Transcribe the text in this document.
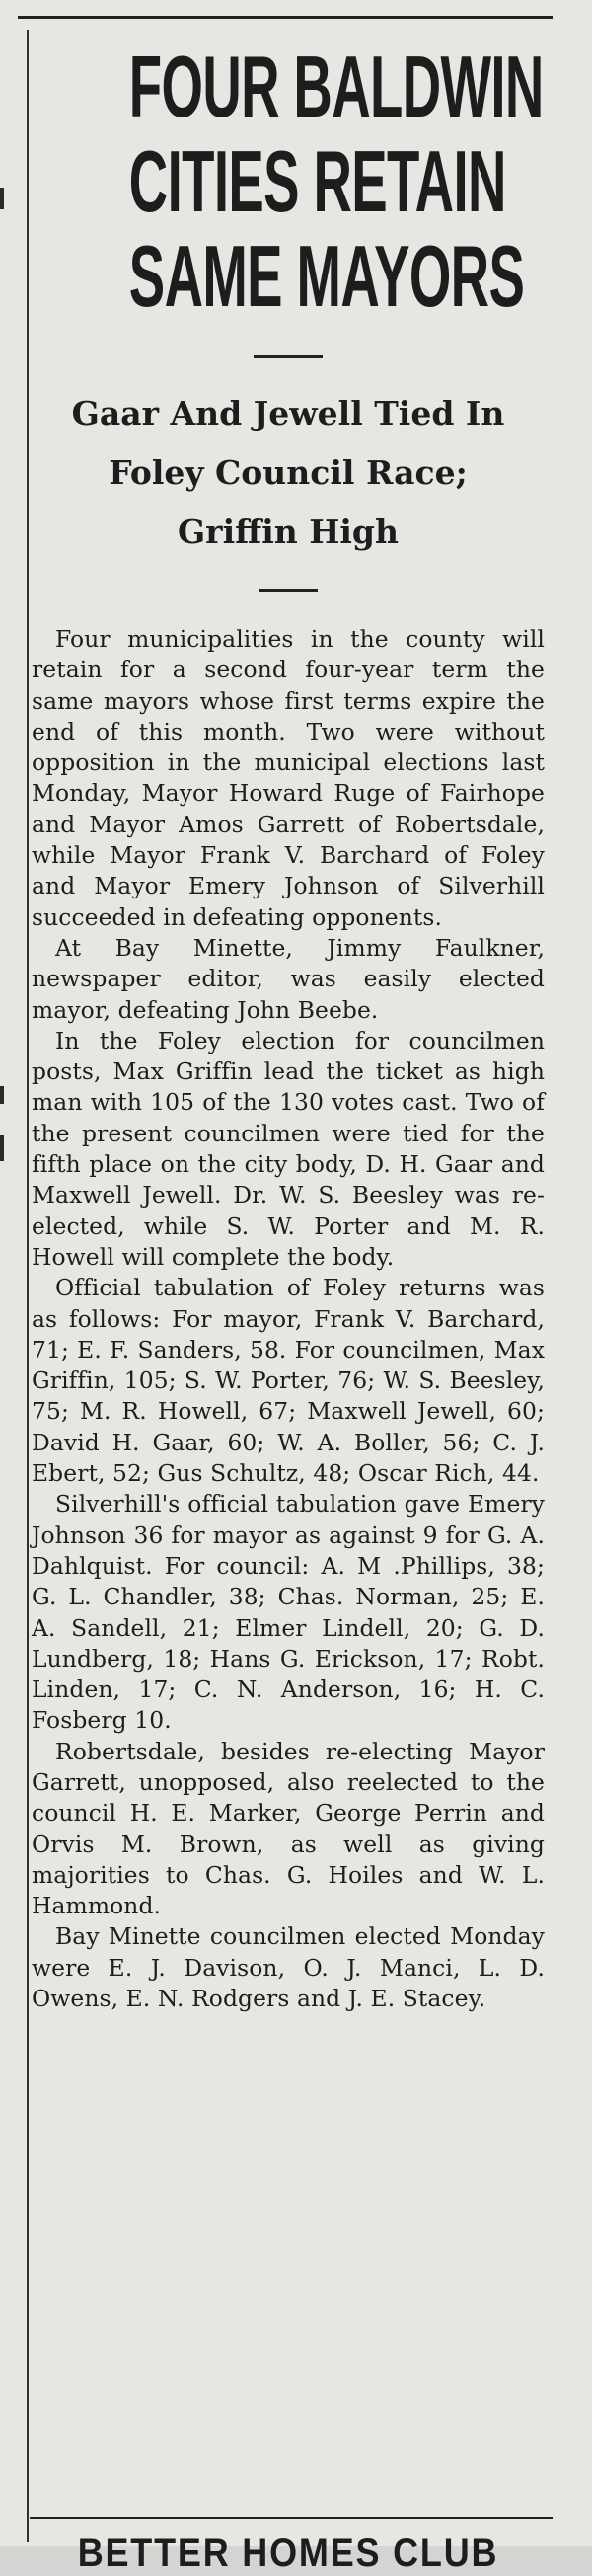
FOUR BALDWIN
CITIES RETAIN
SAME MAYORS
Gaar And Jewell Tied In
Foley Council Race;
Griffin High

Four municipalities in the county will retain for a second four-year term the same mayors whose first terms expire the end of this month. Two were without opposition in the municipal elections last Monday, Mayor Howard Ruge of Fairhope and Mayor Amos Garrett of Robertsdale, while Mayor Frank V. Barchard of Foley and Mayor Emery Johnson of Silverhill succeeded in defeating opponents.

At Bay Minette, Jimmy Faulkner, newspaper editor, was easily elected mayor, defeating John Beebe.

In the Foley election for councilmen posts, Max Griffin lead the ticket as high man with 105 of the 130 votes cast. Two of the present councilmen were tied for the fifth place on the city body, D. H. Gaar and Maxwell Jewell. Dr. W. S. Beesley was re-elected, while S. W. Porter and M. R. Howell will complete the body.

Official tabulation of Foley returns was as follows: For mayor, Frank V. Barchard, 71; E. F. Sanders, 58. For councilmen, Max Griffin, 105; S. W. Porter, 76; W. S. Beesley, 75; M. R. Howell, 67; Maxwell Jewell, 60; David H. Gaar, 60; W. A. Boller, 56; C. J. Ebert, 52; Gus Schultz, 48; Oscar Rich, 44.

Silverhill's official tabulation gave Emery Johnson 36 for mayor as against 9 for G. A. Dahlquist. For council: A. M .Phillips, 38; G. L. Chandler, 38; Chas. Norman, 25; E. A. Sandell, 21; Elmer Lindell, 20; G. D. Lundberg, 18; Hans G. Erickson, 17; Robt. Linden, 17; C. N. Anderson, 16; H. C. Fosberg 10.

Robertsdale, besides re-electing Mayor Garrett, unopposed, also reelected to the council H. E. Marker, George Perrin and Orvis M. Brown, as well as giving majorities to Chas. G. Hoiles and W. L. Hammond.

Bay Minette councilmen elected Monday were E. J. Davison, O. J. Manci, L. D. Owens, E. N. Rodgers and J. E. Stacey.

BETTER HOMES CLUB
